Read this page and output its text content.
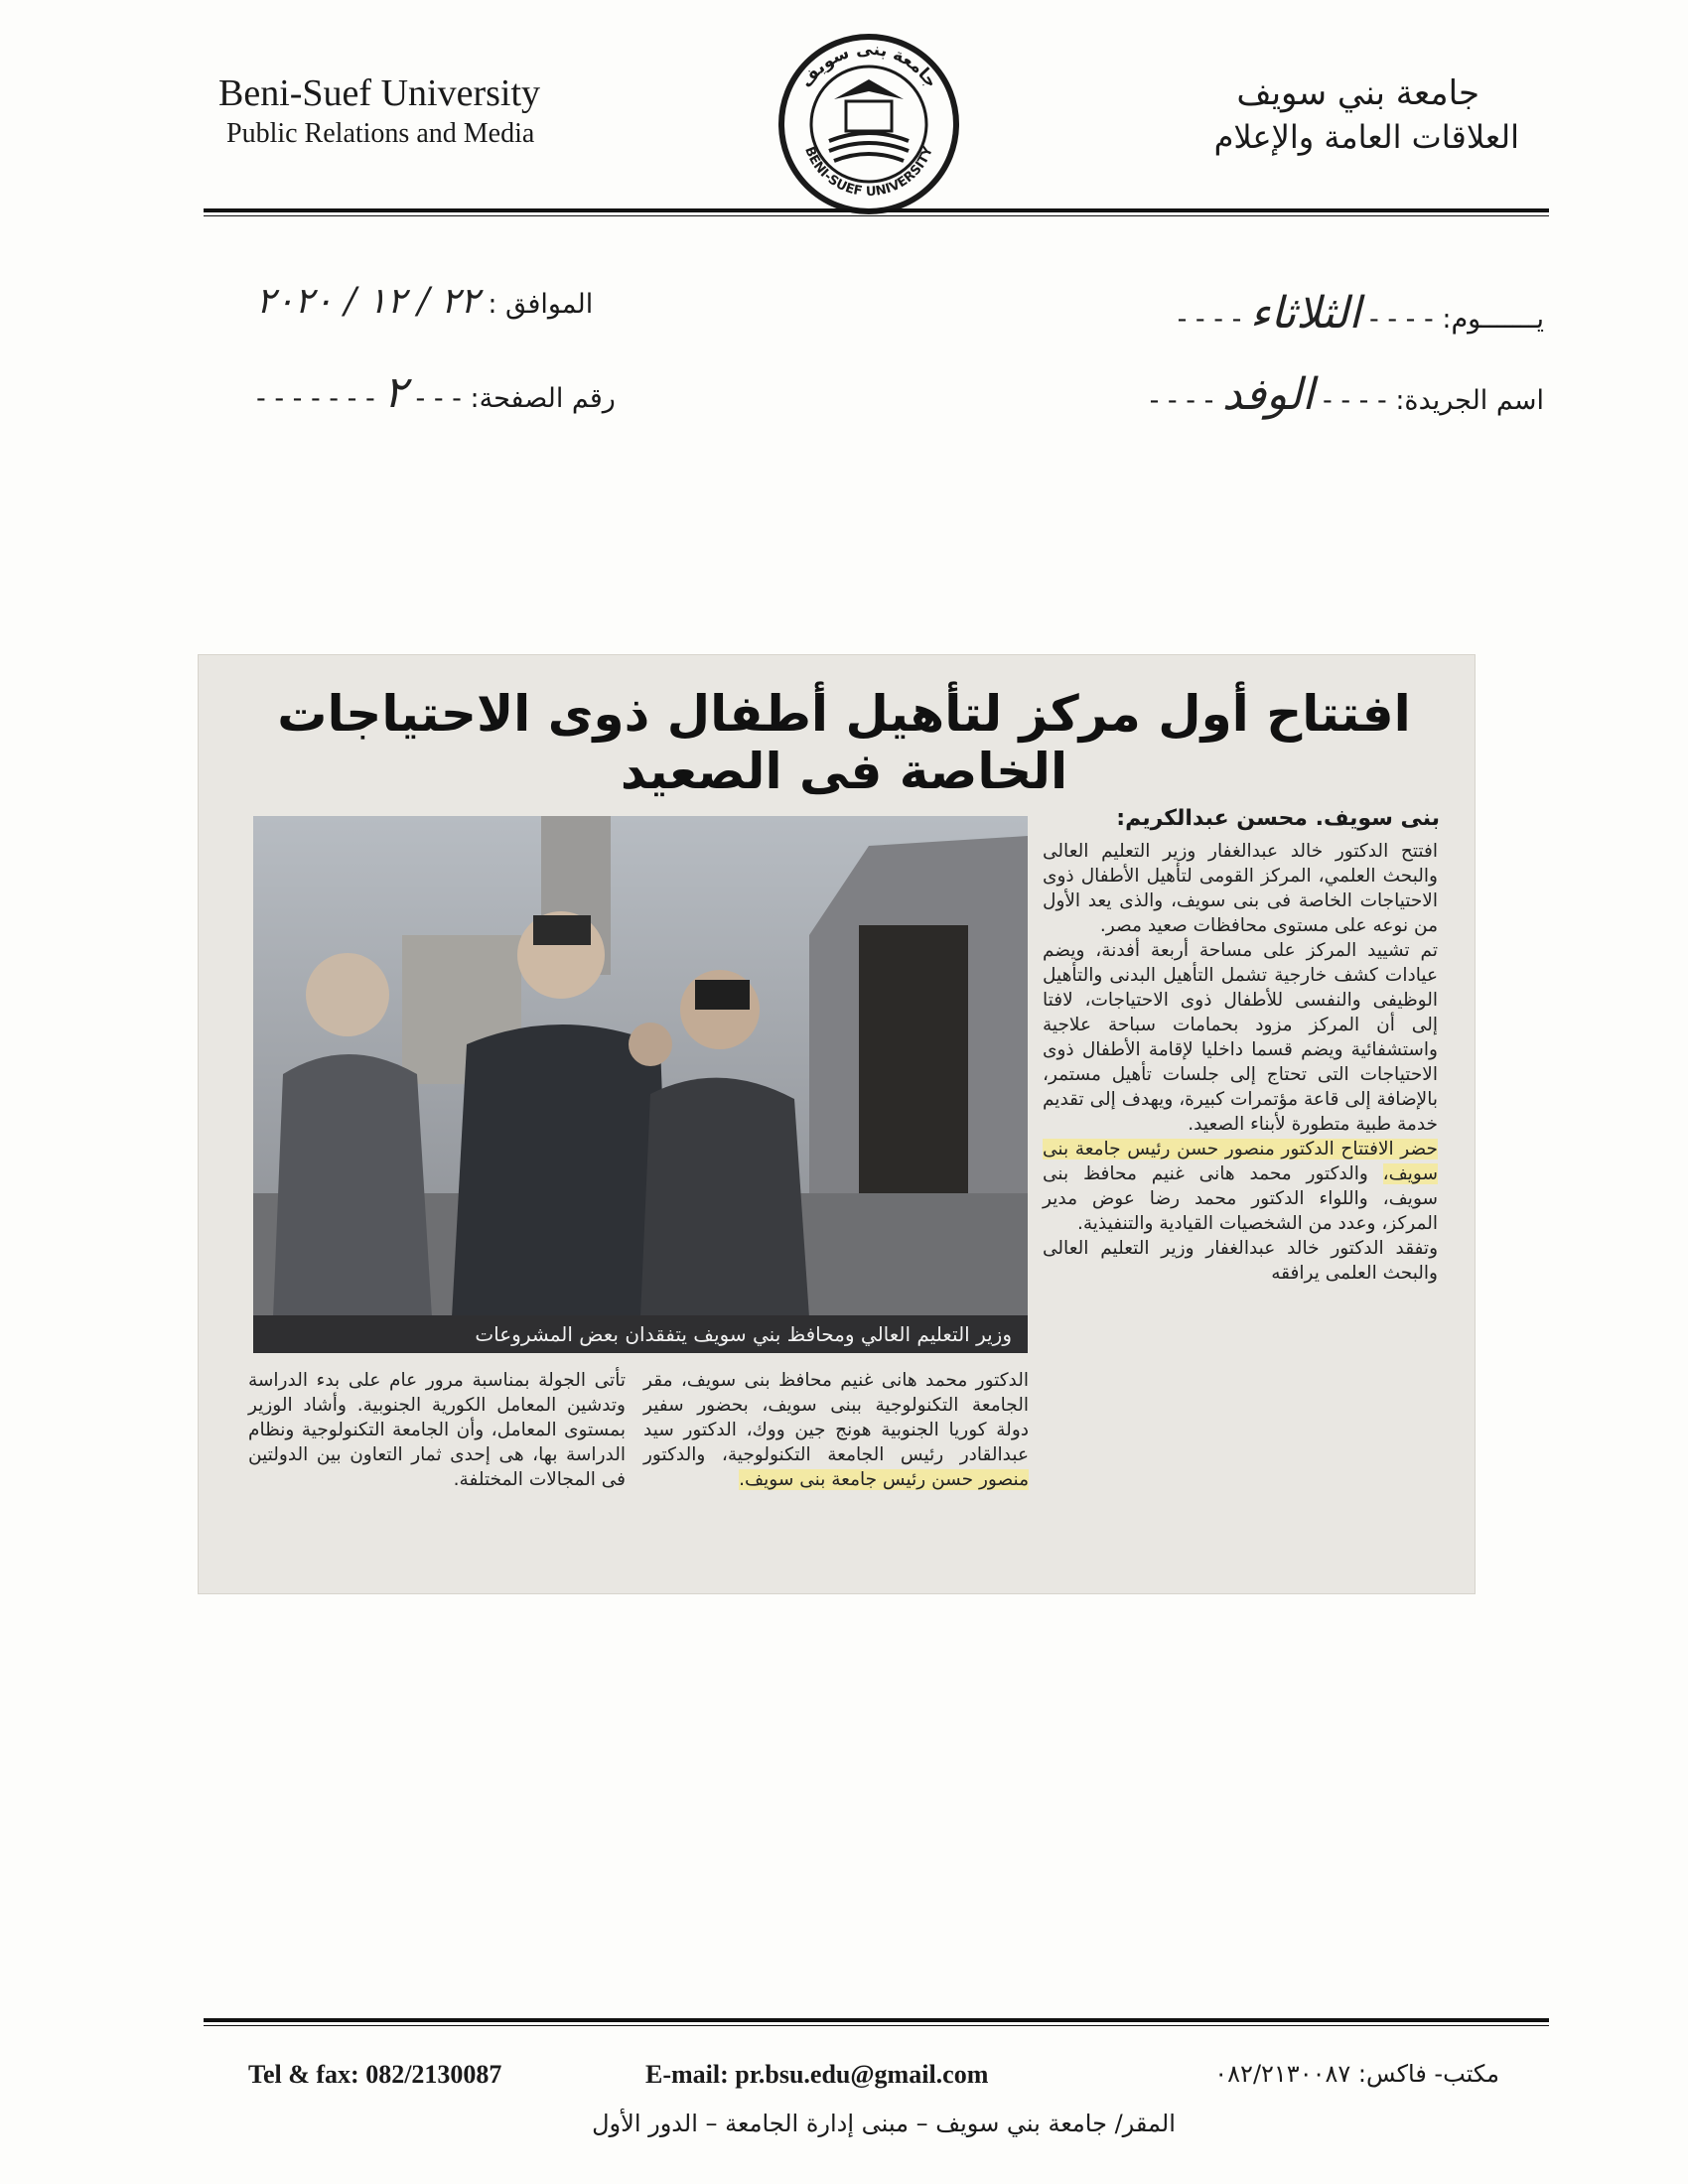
Beni-Suef University
Public Relations and Media
جامعة بنى سويف
BENI-SUEF UNIVERSITY
جامعة بني سويف
العلاقات العامة والإعلام
يـــــــوم: - - - - الثلاثاء - - - -
الموافق : ٢٢ / ١٢ / ٢٠٢٠
اسم الجريدة: - - - - الوفد - - - -
رقم الصفحة: - - - ٢ - - - - - - -
افتتاح أول مركز لتأهيل أطفال ذوى الاحتياجات الخاصة فى الصعيد
بنى سويف. محسن عبدالكريم:

افتتح الدكتور خالد عبدالغفار وزير التعليم العالى والبحث العلمي، المركز القومى لتأهيل الأطفال ذوى الاحتياجات الخاصة فى بنى سويف، والذى يعد الأول من نوعه على مستوى محافظات صعيد مصر.

تم تشييد المركز على مساحة أربعة أفدنة، ويضم عيادات كشف خارجية تشمل التأهيل البدنى والتأهيل الوظيفى والنفسى للأطفال ذوى الاحتياجات، لافتا إلى أن المركز مزود بحمامات سباحة علاجية واستشفائية ويضم قسما داخليا لإقامة الأطفال ذوى الاحتياجات التى تحتاج إلى جلسات تأهيل مستمر، بالإضافة إلى قاعة مؤتمرات كبيرة، ويهدف إلى تقديم خدمة طبية متطورة لأبناء الصعيد.

حضر الافتتاح الدكتور منصور حسن رئيس جامعة بنى سويف، والدكتور محمد هانى غنيم محافظ بنى سويف، واللواء الدكتور محمد رضا عوض مدير المركز، وعدد من الشخصيات القيادية والتنفيذية.

وتفقد الدكتور خالد عبدالغفار وزير التعليم العالى والبحث العلمى يرافقه

وزير التعليم العالي ومحافظ بني سويف يتفقدان بعض المشروعات

الدكتور محمد هانى غنيم محافظ بنى سويف، مقر الجامعة التكنولوجية ببنى سويف، بحضور سفير دولة كوريا الجنوبية هونج جين ووك، الدكتور سيد عبدالقادر رئيس الجامعة التكنولوجية، والدكتور منصور حسن رئيس جامعة بنى سويف.

تأتى الجولة بمناسبة مرور عام على بدء الدراسة وتدشين المعامل الكورية الجنوبية. وأشاد الوزير بمستوى المعامل، وأن الجامعة التكنولوجية ونظام الدراسة بها، هى إحدى ثمار التعاون بين الدولتين فى المجالات المختلفة.

Tel & fax: 082/2130087	E-mail: pr.bsu.edu@gmail.com	مكتب- فاكس: ٠٨٢/٢١٣٠٠٨٧
المقر/ جامعة بني سويف – مبنى إدارة الجامعة – الدور الأول
